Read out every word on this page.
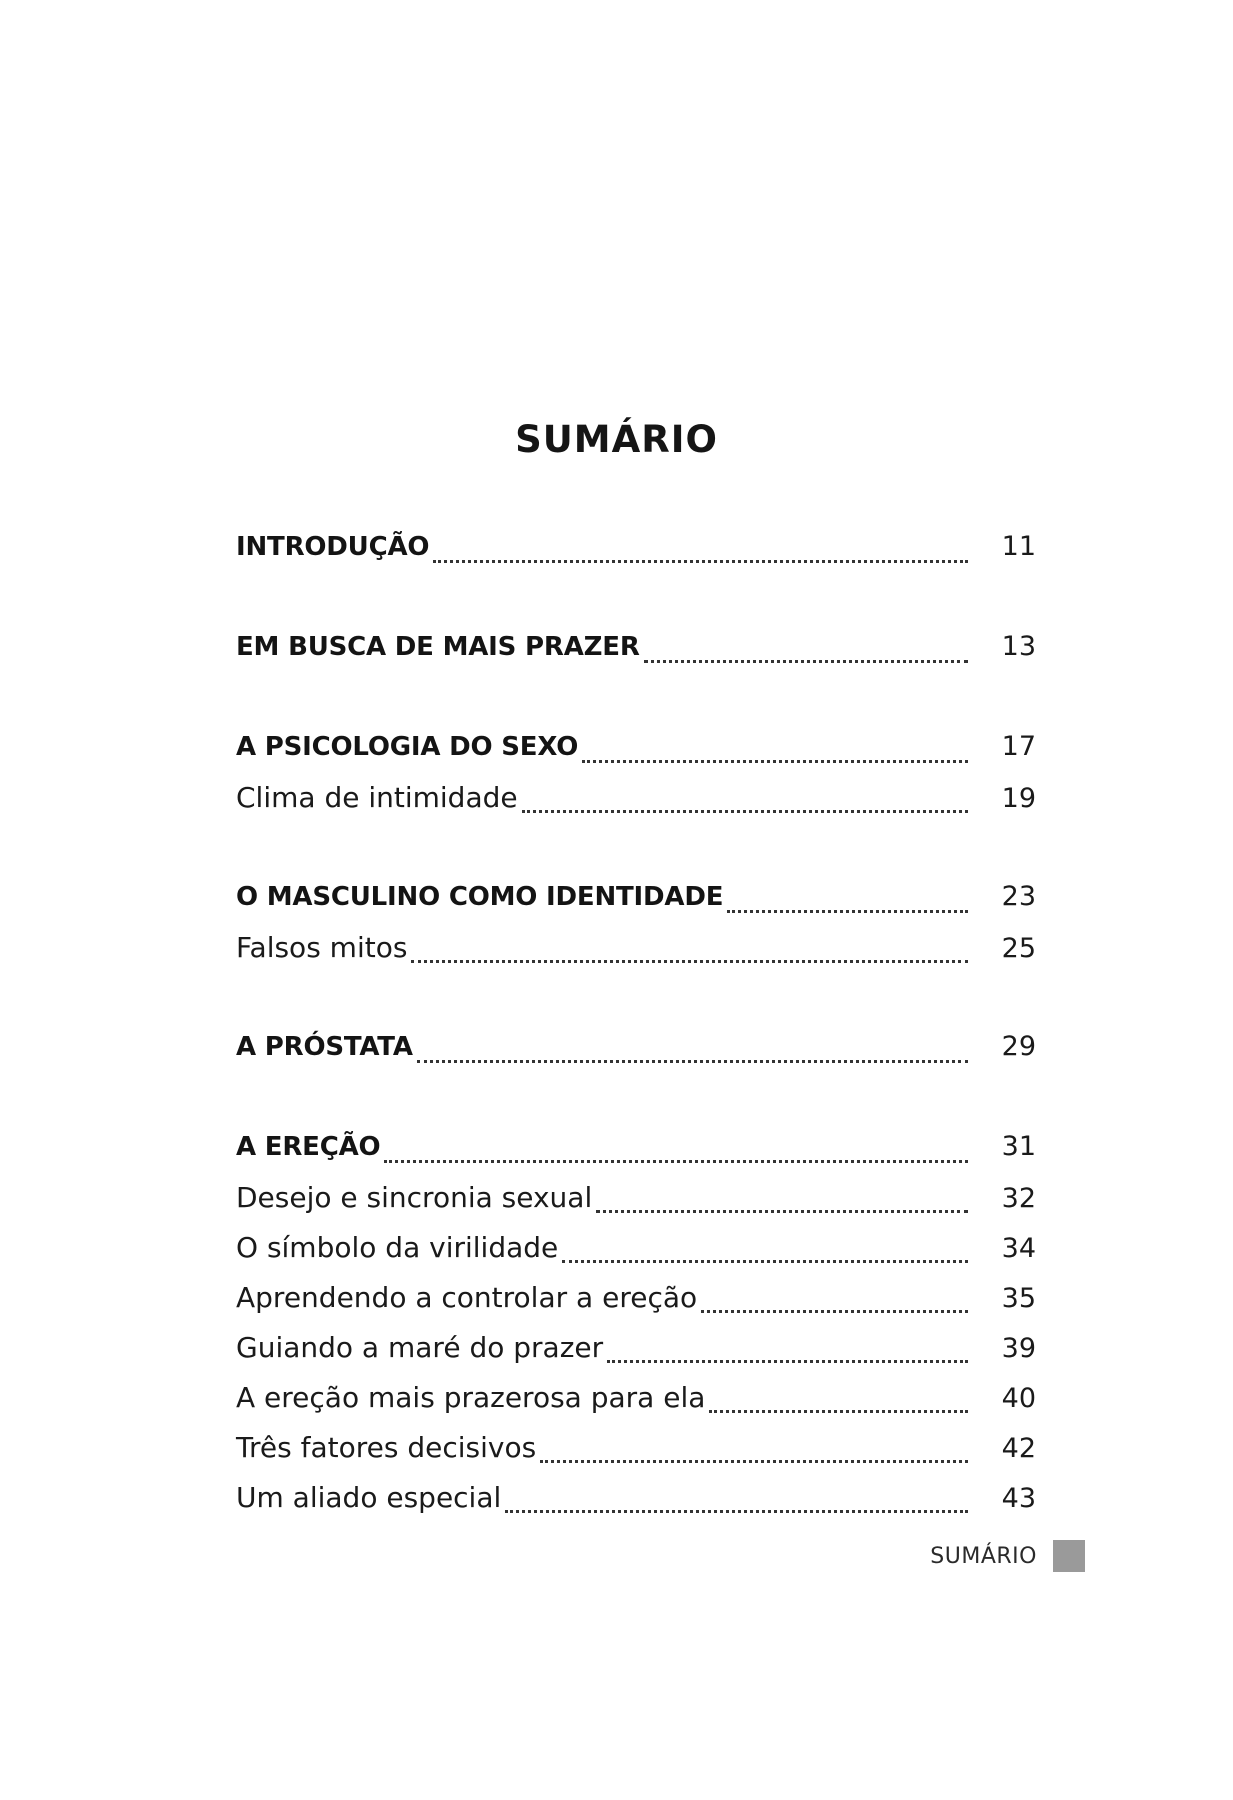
SUMÁRIO
INTRODUÇÃO	11
EM BUSCA DE MAIS PRAZER	13
A PSICOLOGIA DO SEXO	17
Clima de intimidade	19
O MASCULINO COMO IDENTIDADE	23
Falsos mitos	25
A PRÓSTATA	29
A EREÇÃO	31
Desejo e sincronia sexual	32
O símbolo da virilidade	34
Aprendendo a controlar a ereção	35
Guiando a maré do prazer	39
A ereção mais prazerosa para ela	40
Três fatores decisivos	42
Um aliado especial	43
SUMÁRIO
